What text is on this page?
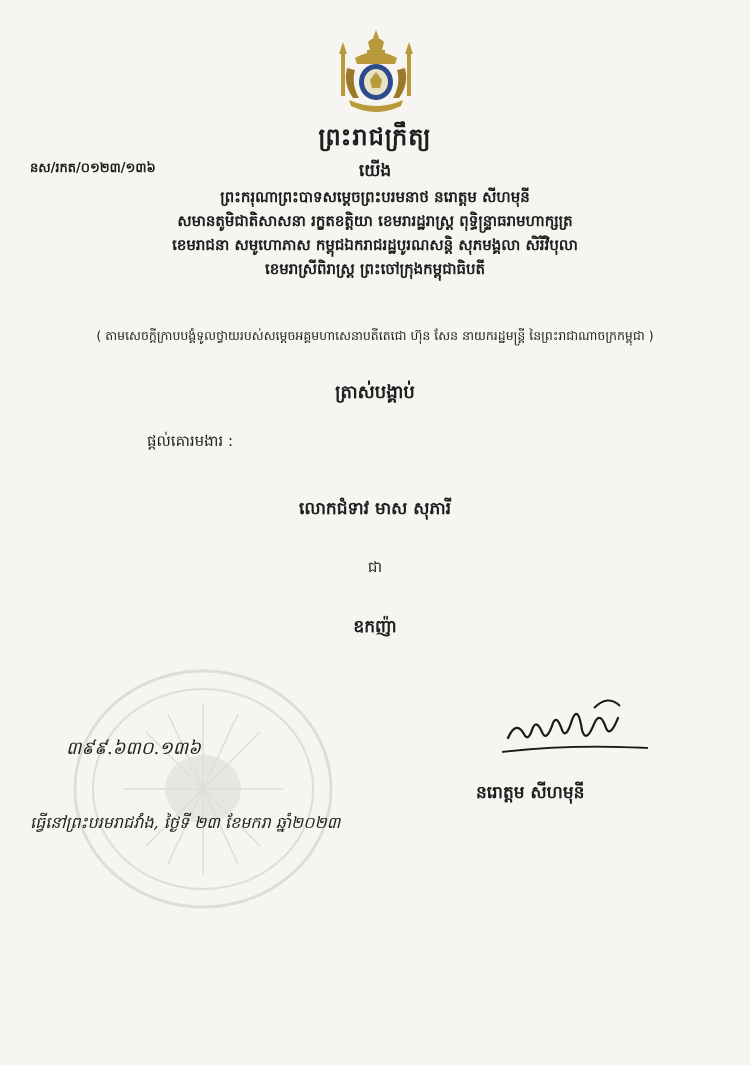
ព្រះរាជក្រឹត្យ
នស/រកត/០១២៣/១៣៦	យើង
ព្រះករុណាព្រះបាទសម្តេចព្រះបរមនាថ នរោត្តម សីហមុនី
សមានតូមិជាតិសាសនា រក្ខតខត្តិយា ខេមរារដ្ឋរាស្ត្រ ពុទ្ធិន្ទ្រាធរាមហាក្សត្រ
ខេមរាជនា សមូហោភាស កម្ពុជឯករាជរដ្ឋបូរណសន្តិ សុភមង្គលា សិរីវិបុលា
ខេមរាស្រីពិរាស្ត្រ ព្រះចៅក្រុងកម្ពុជាធិបតី
( តាមសេចក្តីក្រាបបង្គំទូលថ្វាយរបស់សម្តេចអគ្គមហាសេនាបតីតេជោ ហ៊ុន សែន នាយករដ្ឋមន្ត្រី នៃព្រះរាជាណាចក្រកម្ពុជា )
ត្រាស់បង្គាប់
ផ្តល់គោរមងារ :
លោកជំទាវ មាស សុភារី
ជា
ឧកញ៉ា
៣៩៩.៦៣០.១៣៦
នរោត្តម សីហមុនី
ធ្វើនៅព្រះបរមរាជវាំង, ថ្ងៃទី ២៣ ខែមករា ឆ្នាំ២០២៣
